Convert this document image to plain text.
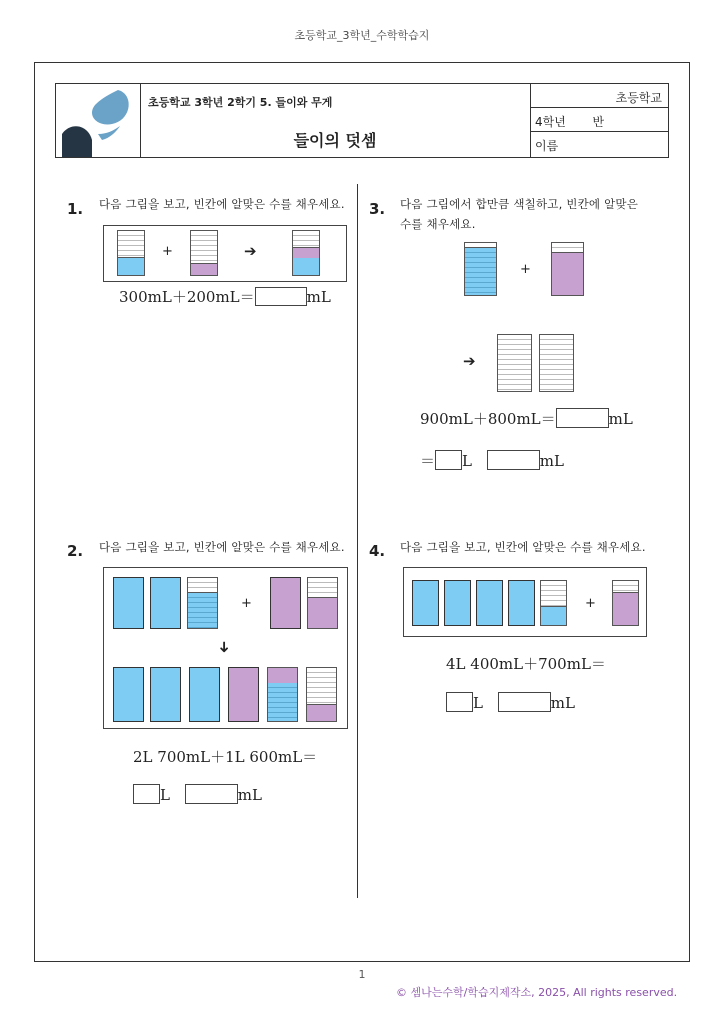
초등학교_3학년_수학학습지
초등학교 3학년 2학기 5. 들이와 무게
들이의 덧셈
초등학교
4학년       반
이름
1. 다음 그림을 보고, 빈칸에 알맞은 수를 채우세요.
+	➔
300mL＋200mL＝	mL
3. 다음 그림에서 합만큼 색칠하고, 빈칸에 알맞은
수를 채우세요.
+
➔
900mL＋800mL＝	mL
＝ L	mL
2. 다음 그림을 보고, 빈칸에 알맞은 수를 채우세요.
+
➜
2L 700mL＋1L 600mL＝
L	mL
4. 다음 그림을 보고, 빈칸에 알맞은 수를 채우세요.
+
4L 400mL＋700mL＝
L	mL
1
© 셈나는수학/학습지제작소, 2025, All rights reserved.
